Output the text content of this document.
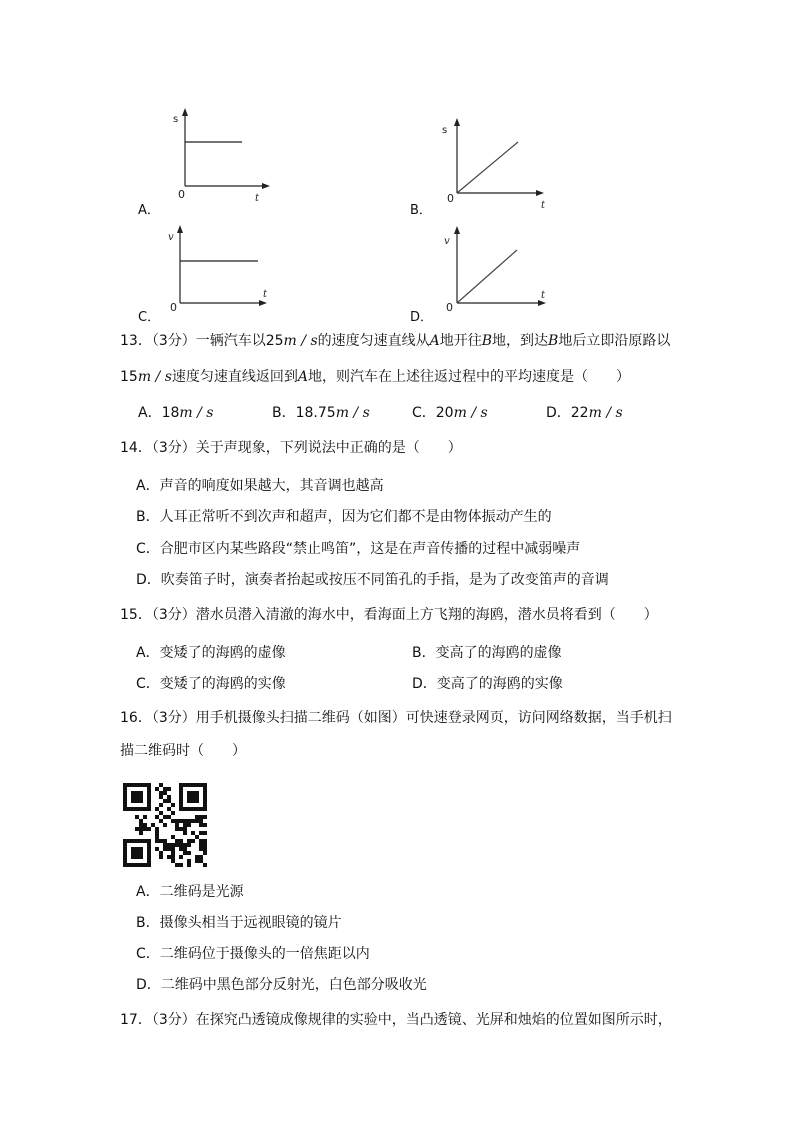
s
t
0
A．
s
t
0
B．
v
t
0
C．
v
t
0
D．
13．（3分）一辆汽车以25m / s的速度匀速直线从A地开往B地，到达B地后立即沿原路以
15m / s速度匀速直线返回到A地，则汽车在上述往返过程中的平均速度是（　　）
A．18m / s	B．18.75m / s	C．20m / s	D．22m / s
14．（3分）关于声现象，下列说法中正确的是（　　）
A．声音的响度如果越大，其音调也越高
B．人耳正常听不到次声和超声，因为它们都不是由物体振动产生的
C．合肥市区内某些路段“禁止鸣笛”，这是在声音传播的过程中减弱噪声
D．吹奏笛子时，演奏者抬起或按压不同笛孔的手指，是为了改变笛声的音调
15．（3分）潜水员潜入清澈的海水中，看海面上方飞翔的海鸥，潜水员将看到（　　）
A．变矮了的海鸥的虚像	B．变高了的海鸥的虚像
C．变矮了的海鸥的实像	D．变高了的海鸥的实像
16．（3分）用手机摄像头扫描二维码（如图）可快速登录网页，访问网络数据，当手机扫
描二维码时（　　）
A．二维码是光源
B．摄像头相当于远视眼镜的镜片
C．二维码位于摄像头的一倍焦距以内
D．二维码中黑色部分反射光，白色部分吸收光
17．（3分）在探究凸透镜成像规律的实验中，当凸透镜、光屏和烛焰的位置如图所示时，
